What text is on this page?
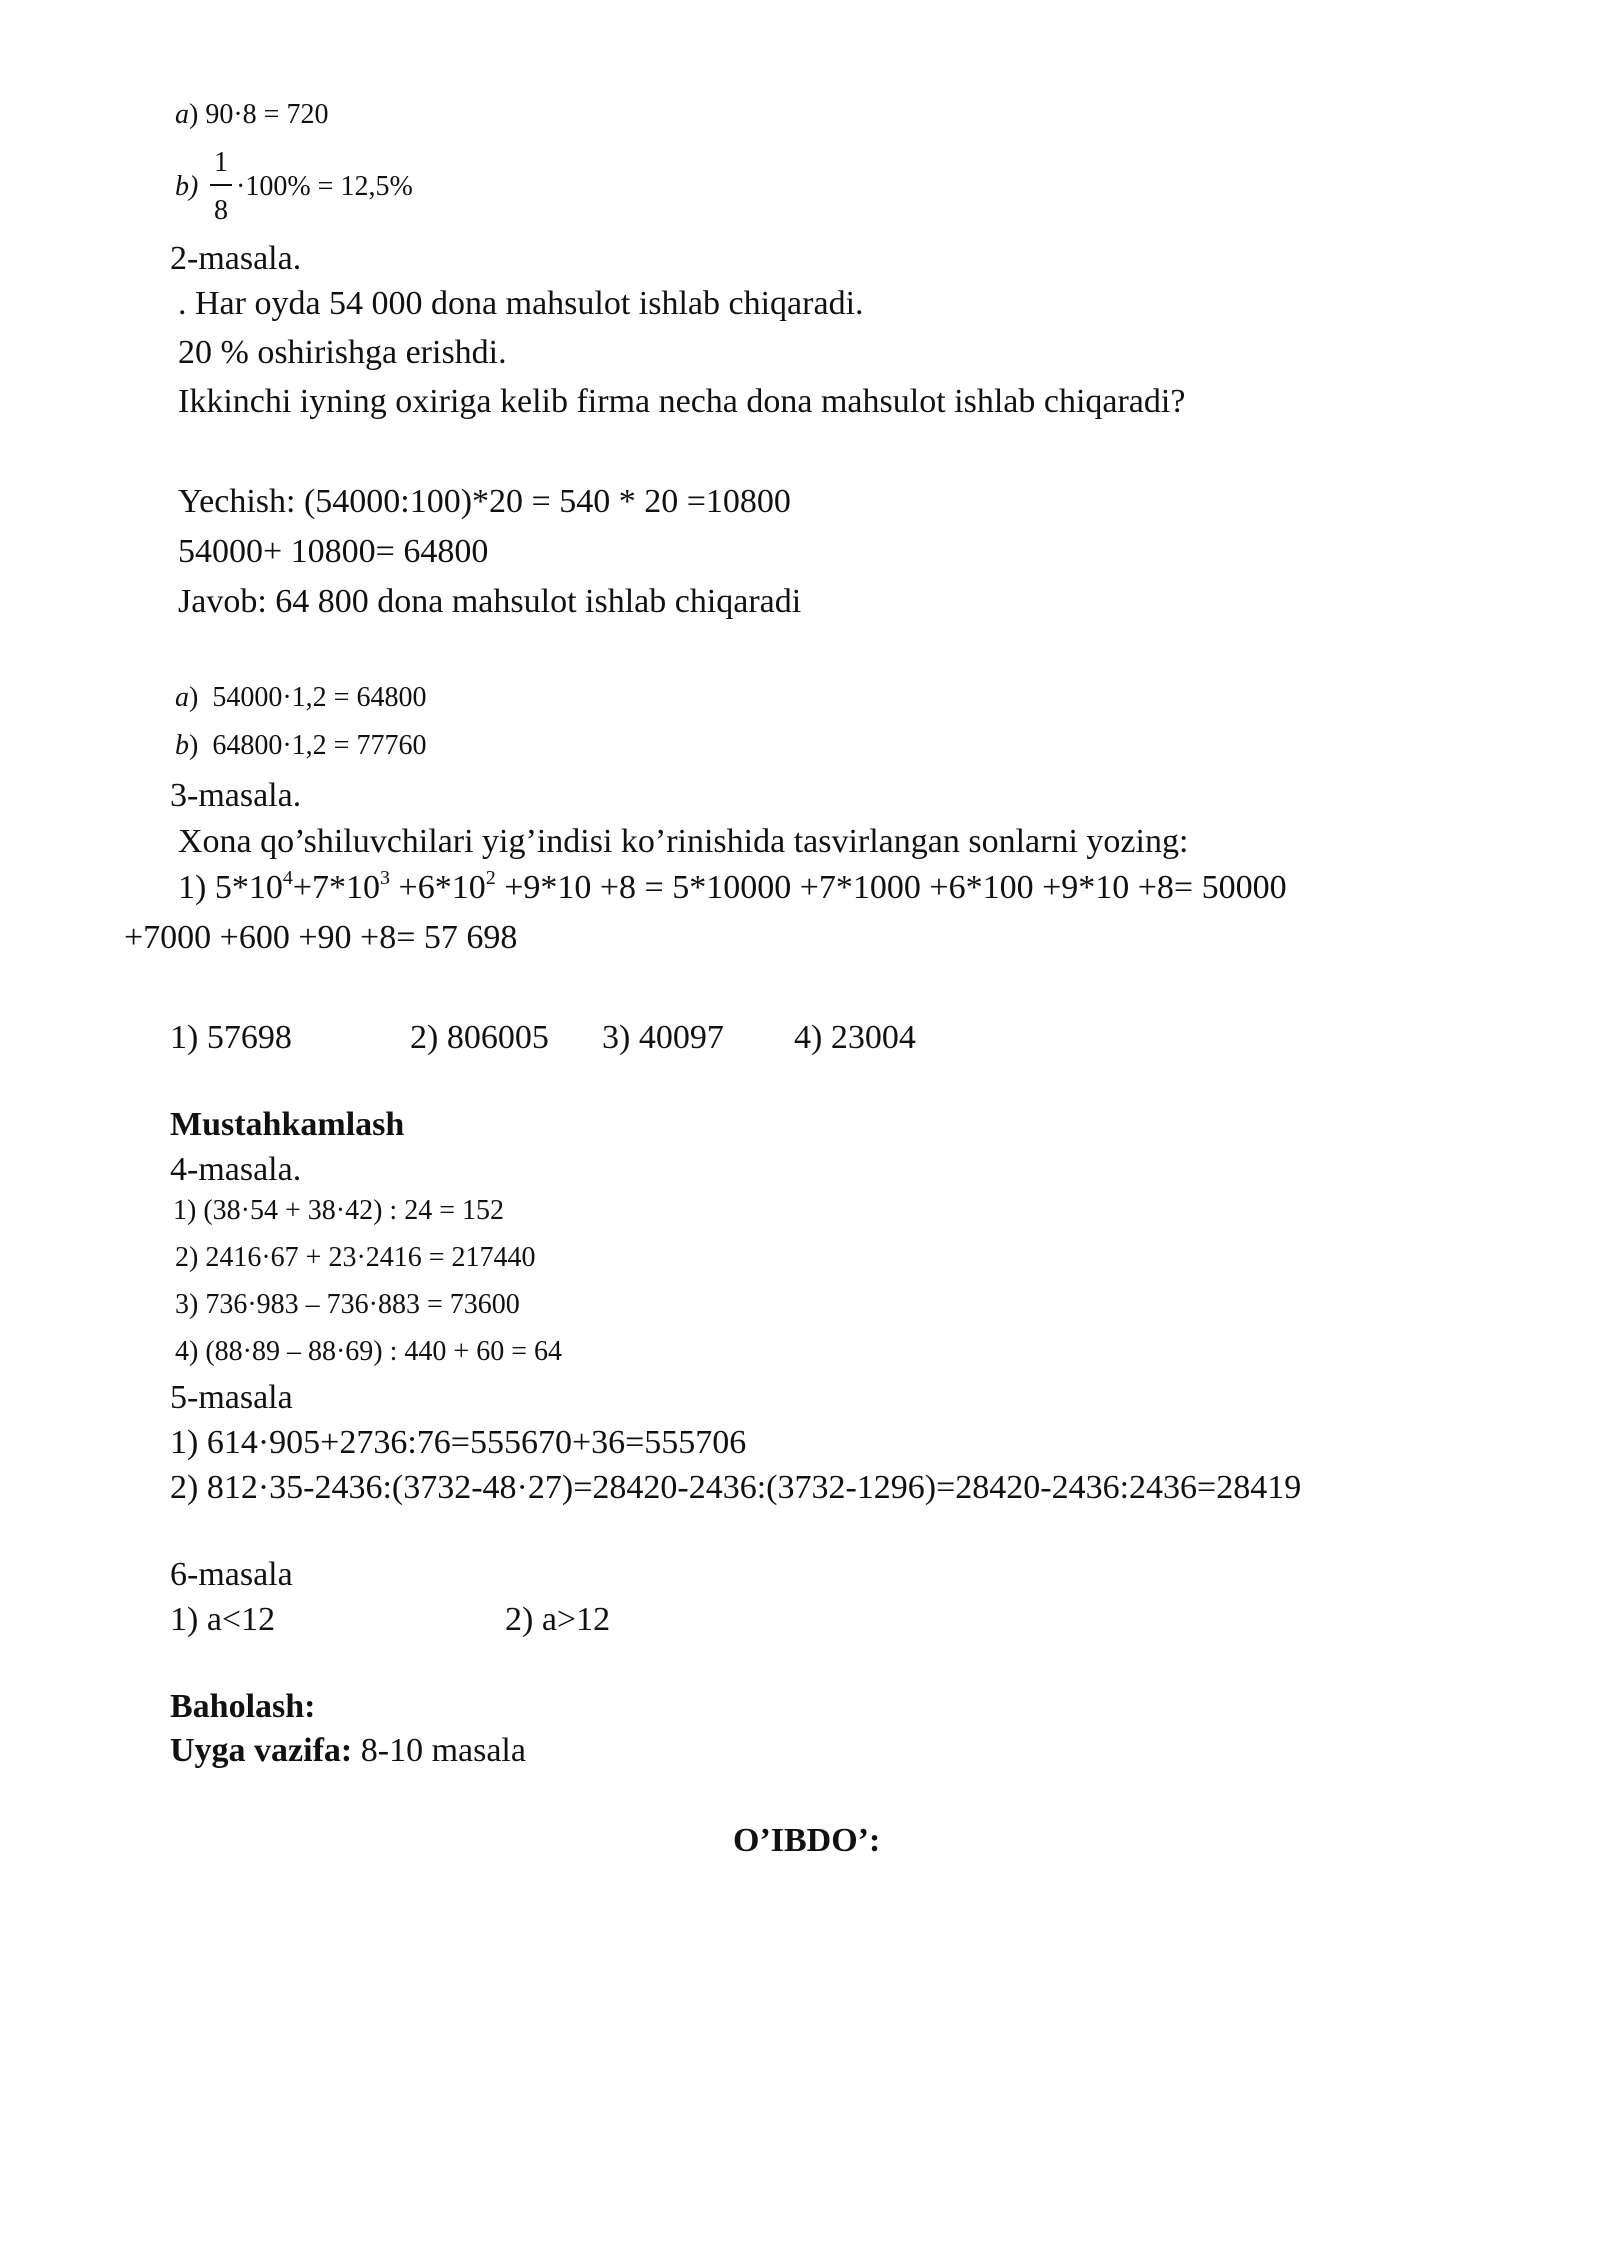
a) 90·8 = 720
b)
1
8
·100% = 12,5%
2-masala.
. Har oyda 54 000 dona mahsulot ishlab chiqaradi.
20 % oshirishga erishdi.
Ikkinchi iyning oxiriga kelib firma necha dona mahsulot ishlab chiqaradi?
Yechish: (54000:100)*20 = 540 * 20 =10800
54000+ 10800= 64800
Javob: 64 800 dona mahsulot ishlab chiqaradi
a)  54000·1,2 = 64800
b)  64800·1,2 = 77760
3-masala.
Xona qo’shiluvchilari yig’indisi ko’rinishida tasvirlangan sonlarni yozing:
1) $5*10^4+7*10^3 +6*10^2 +9*10 +8 = 5*10000 +7*1000 +6*100 +9*10 +8= 50000$
+7000 +600 +90 +8= 57 698
1) 57698	2) 806005 3) 40097 4) 23004
Mustahkamlash
4-masala.
1) (38·54 + 38·42) : 24 = 152
2) 2416·67 + 23·2416 = 217440
3) 736·983 – 736·883 = 73600
4) (88·89 – 88·69) : 440 + 60 = 64
5-masala
1) 614·905+2736:76=555670+36=555706
2) 812·35-2436:(3732-48·27)=28420-2436:(3732-1296)=28420-2436:2436=28419
6-masala
1) a<12	2) a>12
Baholash:
Uyga vazifa: 8-10 masala
O’IBDO’:
